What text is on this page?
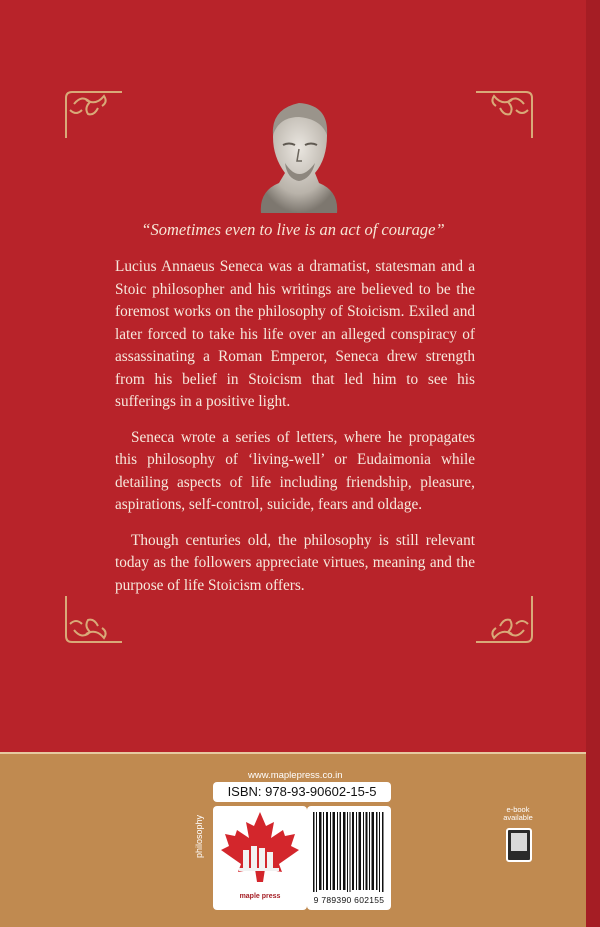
“Sometimes even to live is an act of courage”

Lucius Annaeus Seneca was a dramatist, statesman and a Stoic philosopher and his writings are believed to be the foremost works on the philosophy of Stoicism. Exiled and later forced to take his life over an alleged conspiracy of assassinating a Roman Emperor, Seneca drew strength from his belief in Stoicism that led him to see his sufferings in a positive light.

Seneca wrote a series of letters, where he propagates this philosophy of ‘living-well’ or Eudaimonia while detailing aspects of life including friendship, pleasure, aspirations, self-control, suicide, fears and oldage.

Though centuries old, the philosophy is still relevant today as the followers appreciate virtues, meaning and the purpose of life Stoicism offers.

www.maplepress.co.in
ISBN: 978-93-90602-15-5
philosophy
maple press	9 789390 602155
e-book available
